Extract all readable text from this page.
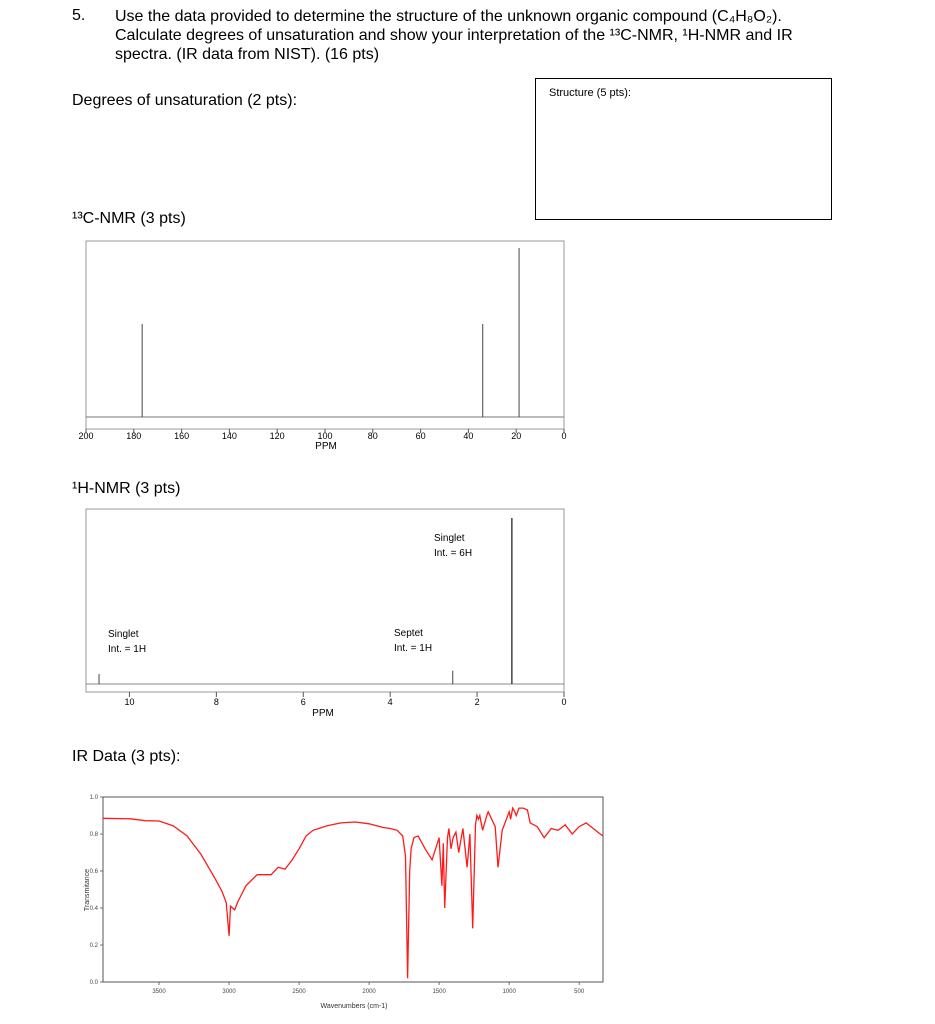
5. Use the data provided to determine the structure of the unknown organic compound (C₄H₈O₂).
Calculate degrees of unsaturation and show your interpretation of the ¹³C-NMR, ¹H-NMR and IR
spectra. (IR data from NIST). (16 pts)
Degrees of unsaturation (2 pts):	Structure (5 pts):
¹³C-NMR (3 pts)
200	180	160	140	120	100	80	60	40	20	0
PPM
10	8	6	4	2	0
PPM
Singlet
Int. = 6H
Septet
Int. = 1H
Singlet
Int. = 1H
3500	3000	2500	2000	1500	1000	500
0.0
0.2
0.4
0.6
0.8
1.0
Wavenumbers (cm-1)
Transmitance
¹H-NMR (3 pts)
IR Data (3 pts):
